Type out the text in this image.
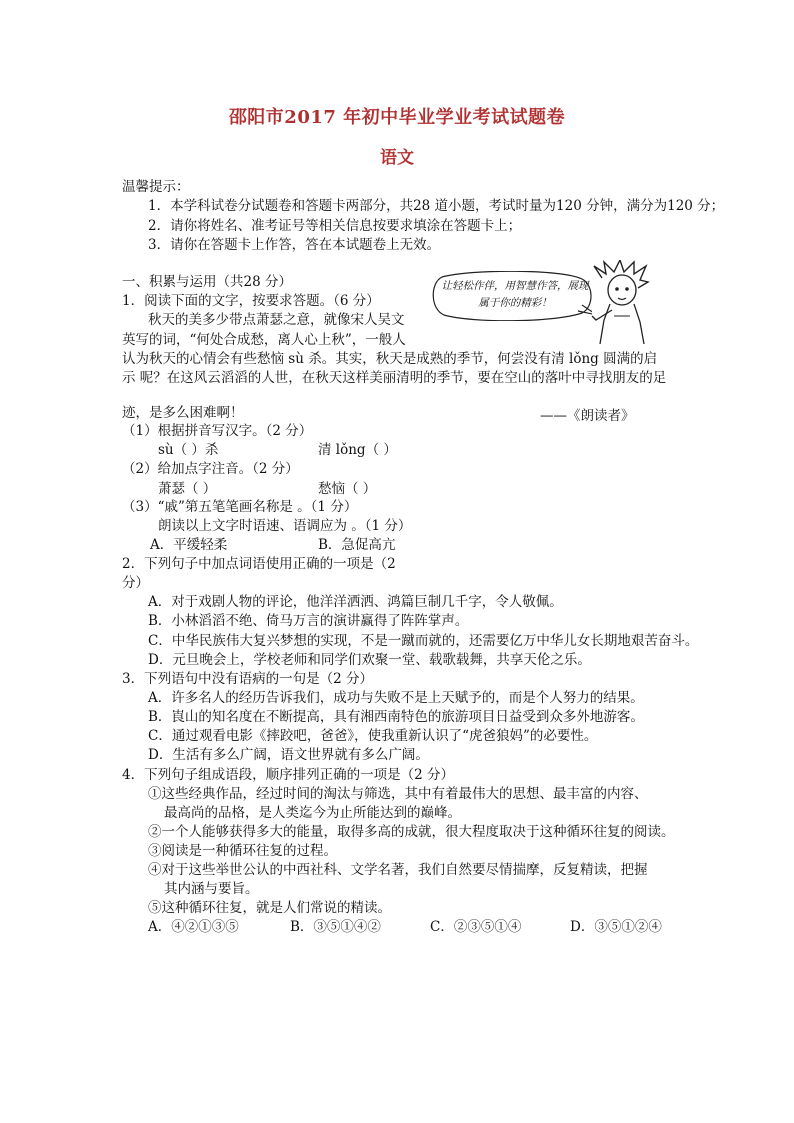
邵阳市2017 年初中毕业学业考试试题卷
语文
温馨提示：
1．本学科试卷分试题卷和答题卡两部分，共28 道小题，考试时量为120 分钟，满分为120 分；
2．请你将姓名、准考证号等相关信息按要求填涂在答题卡上；
3．请你在答题卡上作答，答在本试题卷上无效。
一、积累与运用（共28 分）	让轻松作伴，用智慧作答，展现属于你的精彩！
1．阅读下面的文字，按要求答题。（6 分）
秋天的美多少带点萧瑟之意，就像宋人吴文
英写的词，“何处合成愁，离人心上秋”，一般人
认为秋天的心情会有些愁恼 sù 杀。其实，秋天是成熟的季节，何尝没有清 lǒng 圆满的启
示 呢？在这风云滔滔的人世，在秋天这样美丽清明的季节，要在空山的落叶中寻找朋友的足
迹，是多么困难啊！	——《朗读者》
（1）根据拼音写汉字。（2 分）
sù（ ）杀	清 lǒng（ ）
（2）给加点字注音。（2 分）
萧瑟（ ）	愁恼（ ）
（3）“戚”第五笔笔画名称是 。（1 分）
朗读以上文字时语速、语调应为 。（1 分）
A．平缓轻柔	B．急促高亢
2．下列句子中加点词语使用正确的一项是（2
分）
A．对于戏剧人物的评论，他洋洋洒洒、鸿篇巨制几千字，令人敬佩。
B．小林滔滔不绝、倚马万言的演讲赢得了阵阵掌声。
C．中华民族伟大复兴梦想的实现，不是一蹴而就的，还需要亿万中华儿女长期地艰苦奋斗。
D．元旦晚会上，学校老师和同学们欢聚一堂、载歌载舞，共享天伦之乐。
3．下列语句中没有语病的一句是（2 分）
A．许多名人的经历告诉我们，成功与失败不是上天赋予的，而是个人努力的结果。
B．崀山的知名度在不断提高，具有湘西南特色的旅游项目日益受到众多外地游客。
C．通过观看电影《摔跤吧，爸爸》，使我重新认识了“虎爸狼妈”的必要性。
D．生活有多么广阔，语文世界就有多么广阔。
4．下列句子组成语段，顺序排列正确的一项是（2 分）
①这些经典作品，经过时间的淘汰与筛选，其中有着最伟大的思想、最丰富的内容、
最高尚的品格，是人类迄今为止所能达到的巅峰。
②一个人能够获得多大的能量，取得多高的成就，很大程度取决于这种循环往复的阅读。
③阅读是一种循环往复的过程。
④对于这些举世公认的中西社科、文学名著，我们自然要尽情揣摩，反复精读，把握
其内涵与要旨。
⑤这种循环往复，就是人们常说的精读。
A．④②①③⑤	B．③⑤①④②	C．②③⑤①④	D．③⑤①②④
